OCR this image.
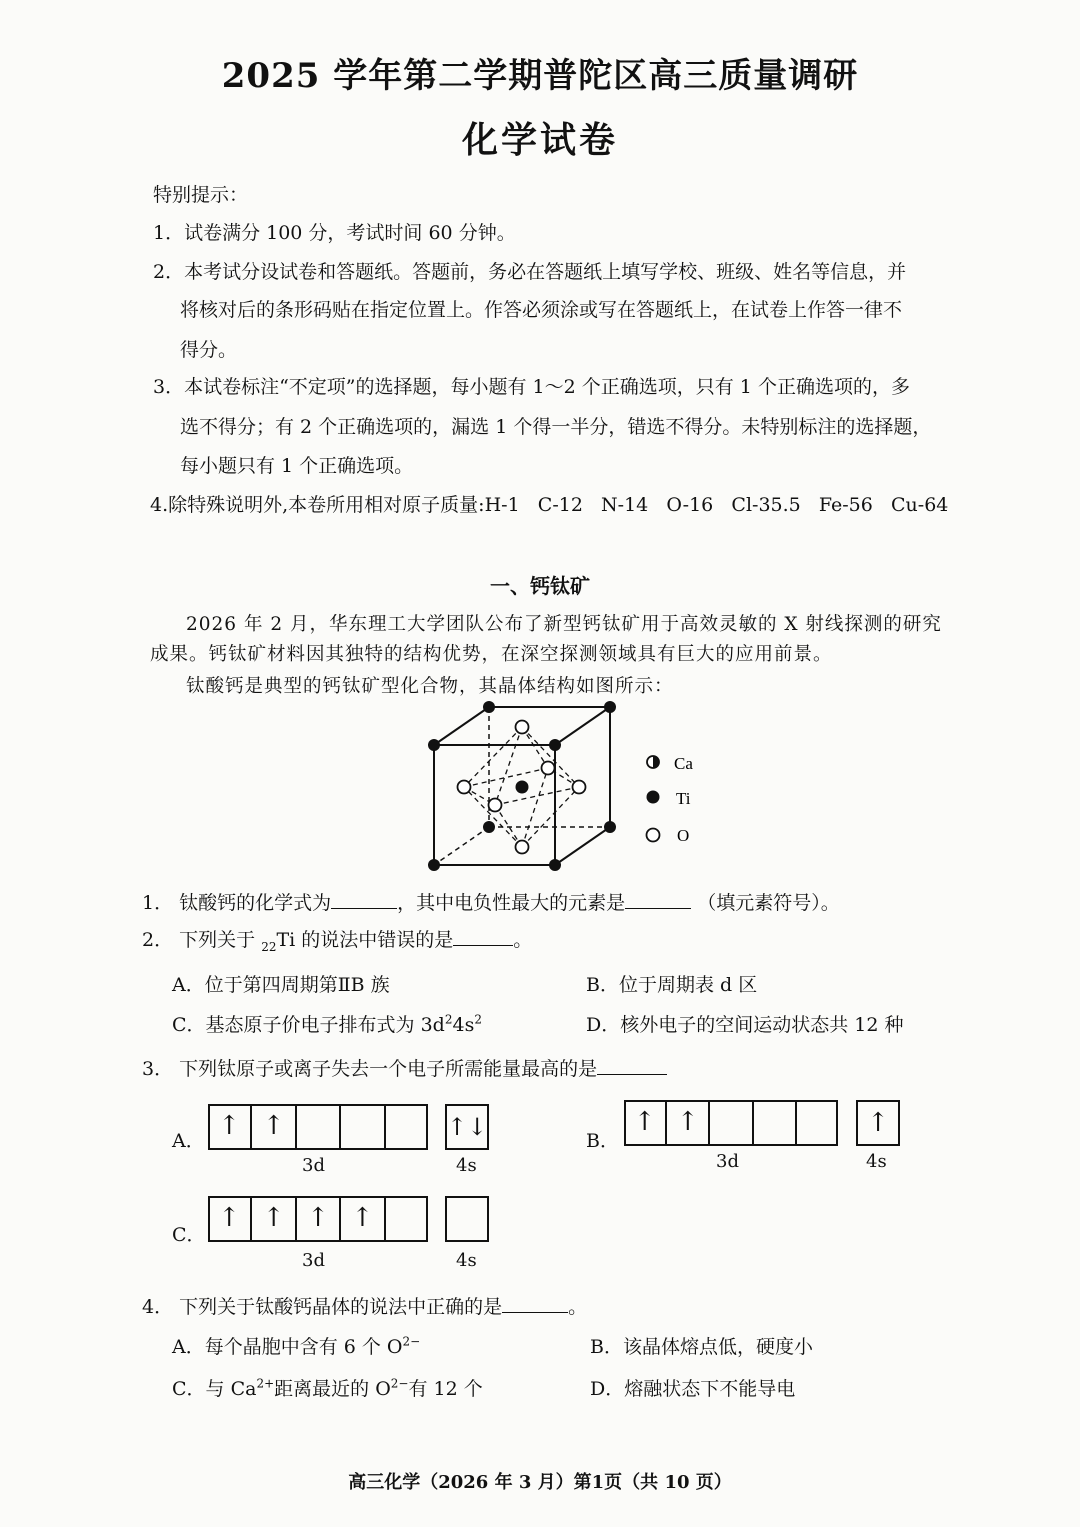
2025 学年第二学期普陀区高三质量调研
化学试卷
特别提示：
1．试卷满分 100 分，考试时间 60 分钟。
2．本考试分设试卷和答题纸。答题前，务必在答题纸上填写学校、班级、姓名等信息，并
将核对后的条形码贴在指定位置上。作答必须涂或写在答题纸上，在试卷上作答一律不
得分。
3．本试卷标注“不定项”的选择题，每小题有 1～2 个正确选项，只有 1 个正确选项的，多
选不得分；有 2 个正确选项的，漏选 1 个得一半分，错选不得分。未特别标注的选择题，
每小题只有 1 个正确选项。
4.除特殊说明外,本卷所用相对原子质量:H-1 C-12 N-14 O-16 Cl-35.5 Fe-56 Cu-64
一、钙钛矿
2026 年 2 月，华东理工大学团队公布了新型钙钛矿用于高效灵敏的 X 射线探测的研究
成果。钙钛矿材料因其独特的结构优势，在深空探测领域具有巨大的应用前景。
钛酸钙是典型的钙钛矿型化合物，其晶体结构如图所示：
Ca
Ti
O
1． 钛酸钙的化学式为	，其中电负性最大的元素是	（填元素符号）。
2． 下列关于 $_{22}$Ti 的说法中错误的是	。
A．位于第四周期第ⅡB 族	B．位于周期表 d 区
C．基态原子价电子排布式为 $3d^24s^2$	D．核外电子的空间运动状态共 12 种
3． 下列钛原子或离子失去一个电子所需能量最高的是
A． ↑ ↑	↑↓
3d	4s
B．
↑ ↑	↑
3d	4s
C．
↑ ↑ ↑ ↑
3d	4s
4． 下列关于钛酸钙晶体的说法中正确的是	。
A．每个晶胞中含有 6 个 $O^{2-}$	B．该晶体熔点低，硬度小
C．与 $Ca^{2+}$距离最近的 $O^{2-}$有 12 个	D．熔融状态下不能导电
高三化学（2026 年 3 月）第1页（共 10 页）
